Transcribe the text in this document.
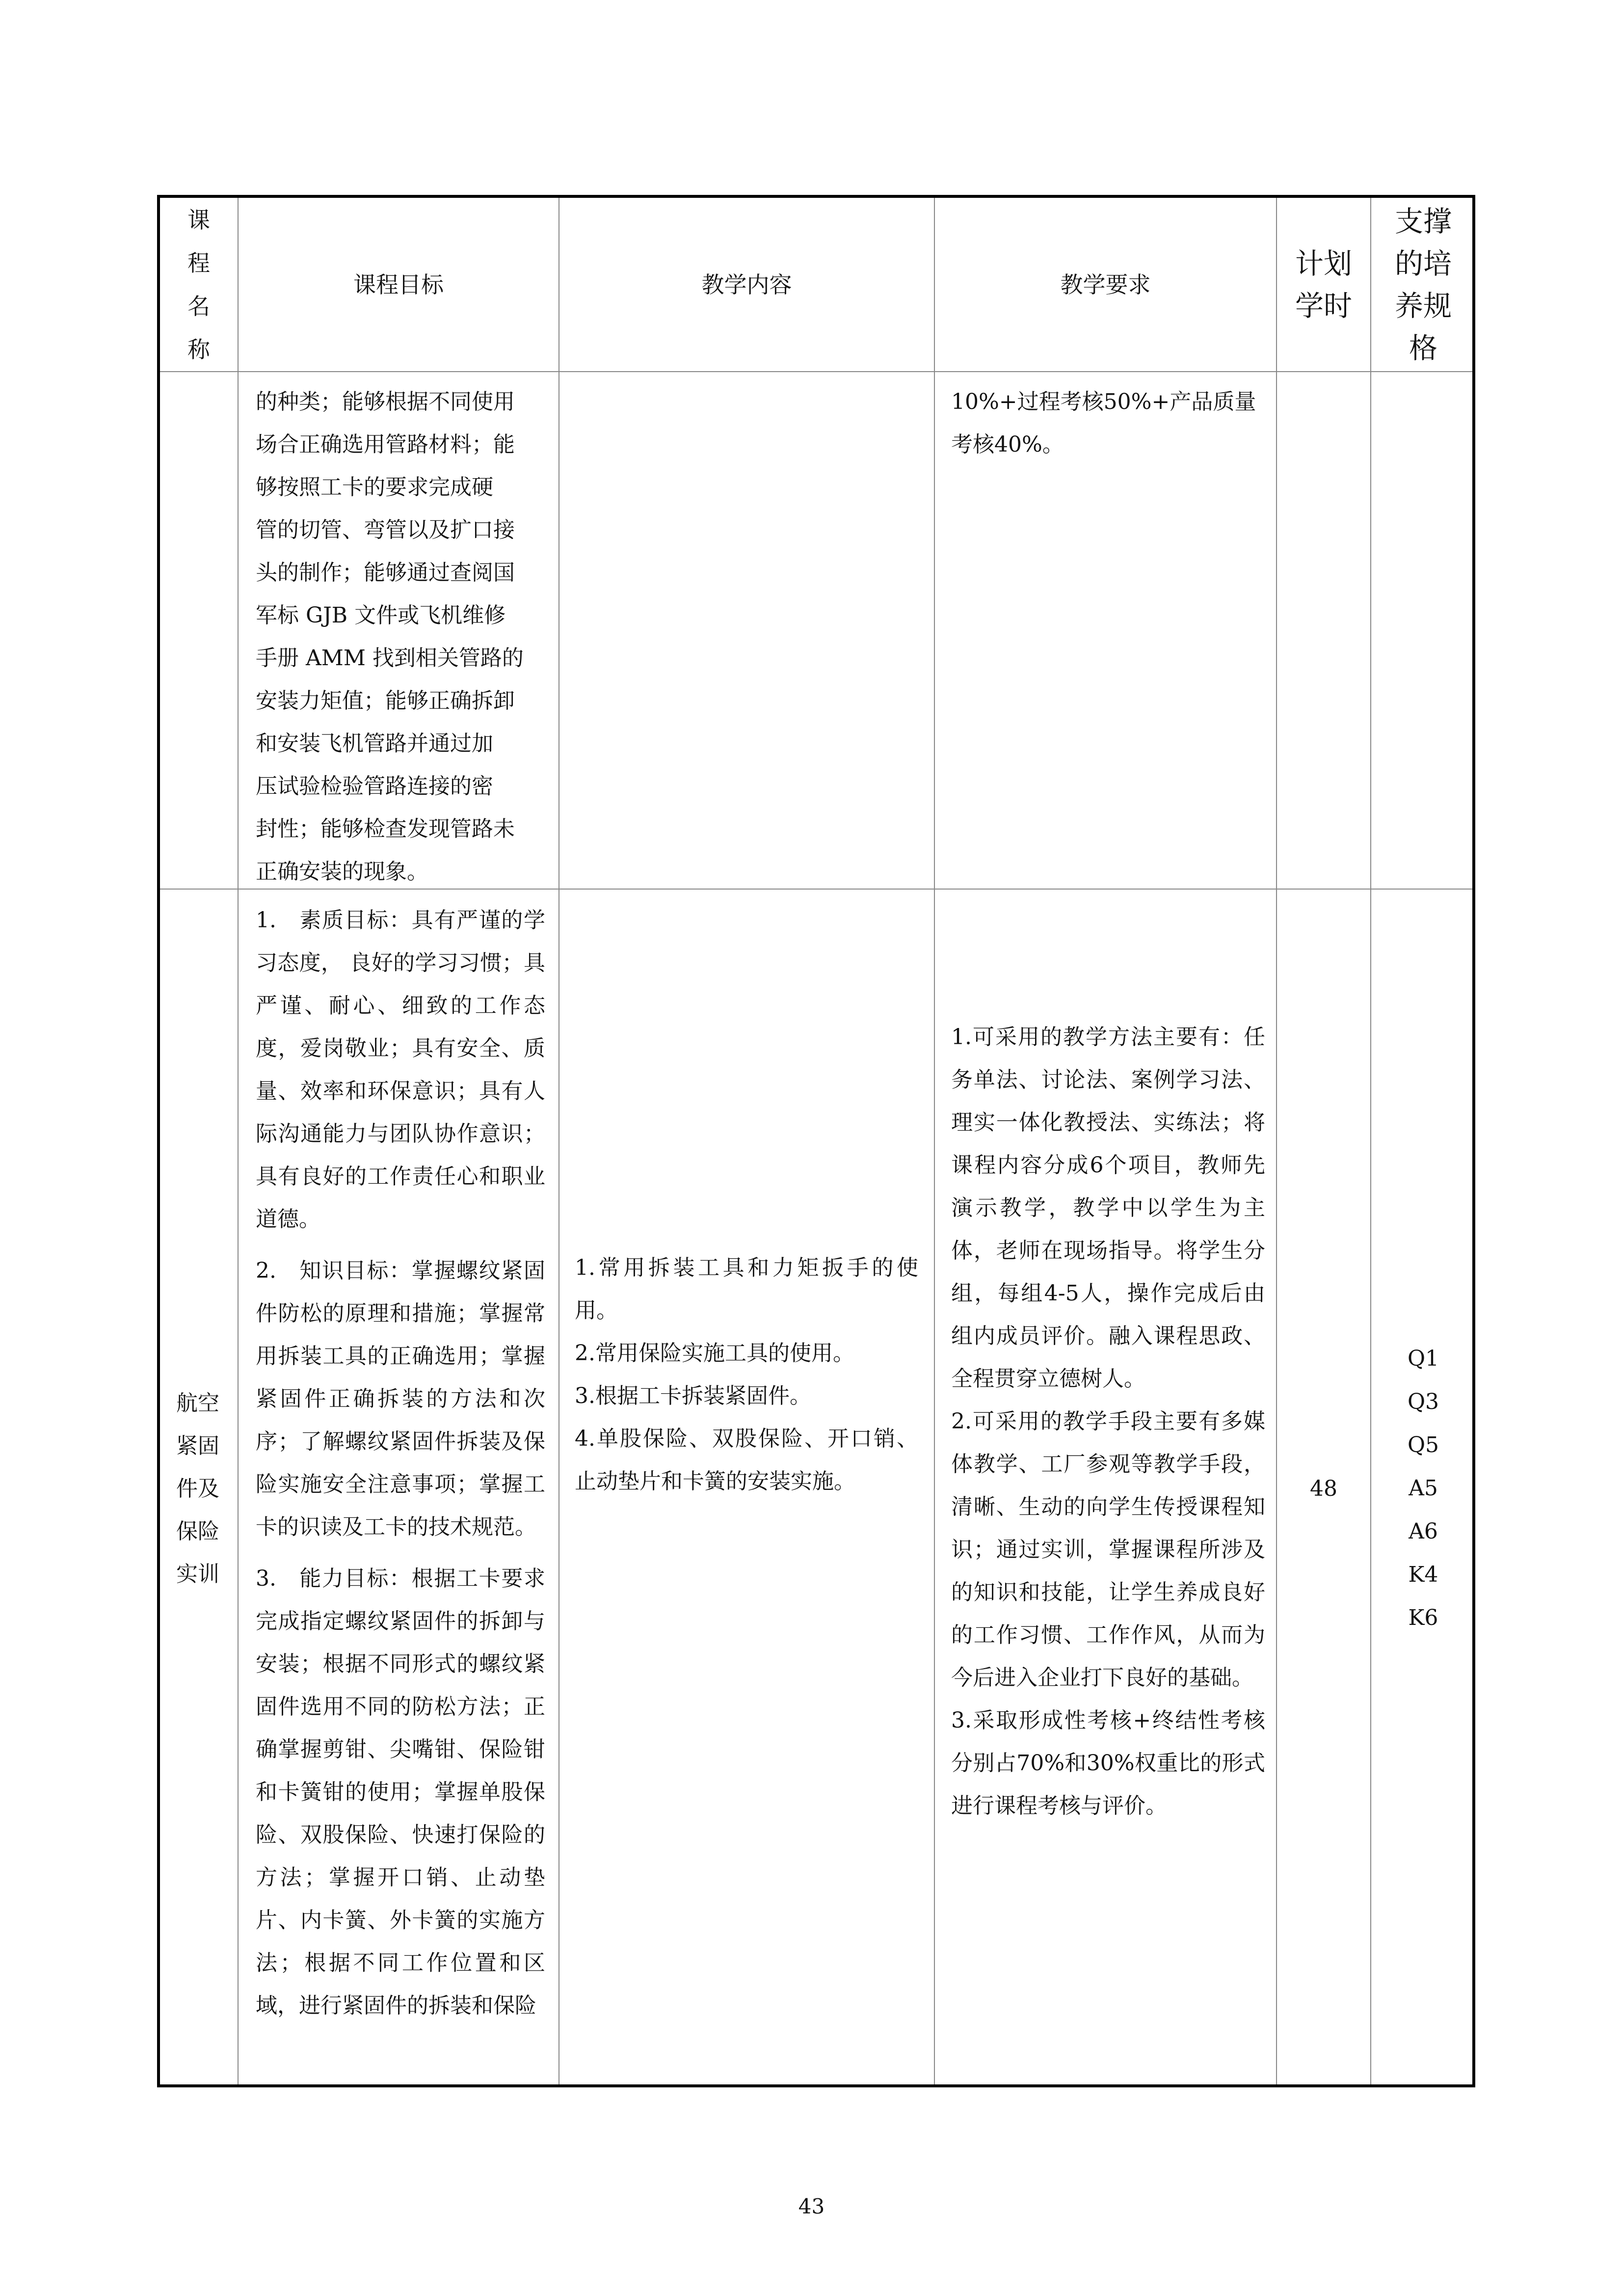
课程名称
课程目标	教学内容	教学要求
计划学时
支撑的培养规格
的种类；能够根据不同使用
场合正确选用管路材料；能
够按照工卡的要求完成硬
管的切管、弯管以及扩口接
头的制作；能够通过查阅国
军标 GJB 文件或飞机维修
手册 AMM 找到相关管路的
安装力矩值；能够正确拆卸
和安装飞机管路并通过加
压试验检验管路连接的密
封性；能够检查发现管路未
正确安装的现象。
10%+过程考核50%+产品质量
考核40%。
航空紧固件及保险实训

1.　素质目标：具有严谨的学习态度， 良好的学习习惯；具严谨、耐心、细致的工作态度，爱岗敬业；具有安全、质量、效率和环保意识；具有人际沟通能力与团队协作意识；具有良好的工作责任心和职业道德。

2.　知识目标：掌握螺纹紧固件防松的原理和措施；掌握常用拆装工具的正确选用；掌握紧固件正确拆装的方法和次序；了解螺纹紧固件拆装及保险实施安全注意事项；掌握工卡的识读及工卡的技术规范。

3.　能力目标：根据工卡要求完成指定螺纹紧固件的拆卸与安装；根据不同形式的螺纹紧固件选用不同的防松方法；正确掌握剪钳、尖嘴钳、保险钳和卡簧钳的使用；掌握单股保险、双股保险、快速打保险的方法；掌握开口销、止动垫片、内卡簧、外卡簧的实施方法；根据不同工作位置和区域，进行紧固件的拆装和保险

1.常用拆装工具和力矩扳手的使用。

2.常用保险实施工具的使用。

3.根据工卡拆装紧固件。

4.单股保险、双股保险、开口销、止动垫片和卡簧的安装实施。

1.可采用的教学方法主要有：任务单法、讨论法、案例学习法、理实一体化教授法、实练法；将课程内容分成6个项目，教师先演示教学，教学中以学生为主体，老师在现场指导。将学生分组，每组4-5人，操作完成后由组内成员评价。融入课程思政、全程贯穿立德树人。

2.可采用的教学手段主要有多媒体教学、工厂参观等教学手段，清晰、生动的向学生传授课程知识；通过实训，掌握课程所涉及的知识和技能，让学生养成良好的工作习惯、工作作风，从而为今后进入企业打下良好的基础。

3.采取形成性考核+终结性考核分别占70%和30%权重比的形式进行课程考核与评价。

48
Q1
Q3
Q5
A5
A6
K4
K6
43
